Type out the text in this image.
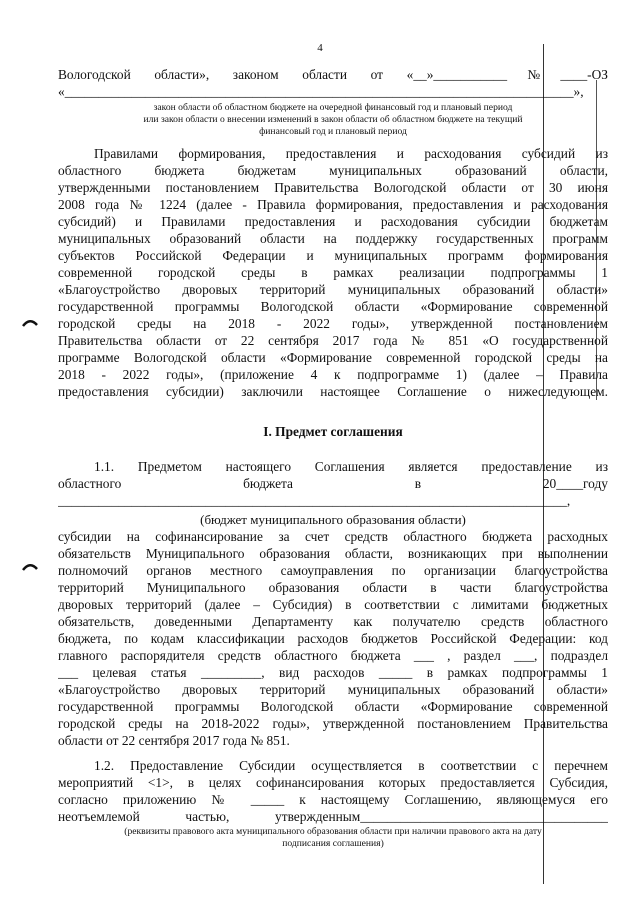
4
Вологодской области», законом области от «__»___________№____-ОЗ
«____________________________________________________________________________»,
закон области об областном бюджете на очередной финансовый год и плановый период
или закон области о внесении изменений в закон области об областном бюджете на текущий
финансовый год и плановый период
Правилами формирования, предоставления и расходования субсидий из
областного бюджета бюджетам муниципальных образований области,
утвержденными постановлением Правительства Вологодской области от 30 июня
2008 года № 1224 (далее - Правила формирования, предоставления и расходования
субсидий) и Правилами предоставления и расходования субсидии бюджетам
муниципальных образований области на поддержку государственных программ
субъектов Российской Федерации и муниципальных программ формирования
современной городской среды в рамках реализации подпрограммы 1
«Благоустройство дворовых территорий муниципальных образований области»
государственной программы Вологодской области «Формирование современной
городской среды на 2018 - 2022 годы», утвержденной постановлением
Правительства области от 22 сентября 2017 года № 851 «О государственной
программе Вологодской области «Формирование современной городской среды на
2018 - 2022 годы», (приложение 4 к подпрограмме 1) (далее – Правила
предоставления субсидии) заключили настоящее Соглашение о нижеследующем.
I. Предмет соглашения
1.1. Предметом настоящего Соглашения является предоставление из
областного бюджета в 20____году
____________________________________________________________________________,
(бюджет муниципального образования области)
субсидии на софинансирование за счет средств областного бюджета расходных
обязательств Муниципального образования области, возникающих при выполнении
полномочий органов местного самоуправления по организации благоустройства
территорий Муниципального образования области в части благоустройства
дворовых территорий (далее – Субсидия) в соответствии с лимитами бюджетных
обязательств, доведенными Департаменту как получателю средств областного
бюджета, по кодам классификации расходов бюджетов Российской Федерации: код
главного распорядителя средств областного бюджета ___ , раздел ___, подраздел
___ целевая статья _________, вид расходов _____ в рамках подпрограммы 1
«Благоустройство дворовых территорий муниципальных образований области»
государственной программы Вологодской области «Формирование современной
городской среды на 2018-2022 годы», утвержденной постановлением Правительства
области от 22 сентября 2017 года № 851.
1.2. Предоставление Субсидии осуществляется в соответствии с перечнем
мероприятий <1>, в целях софинансирования которых предоставляется Субсидия,
согласно приложению № _____ к настоящему Соглашению, являющемуся его
неотъемлемой частью, утвержденным_____________________________________
(реквизиты правового акта муниципального образования области при наличии правового акта на дату
подписания соглашения)
